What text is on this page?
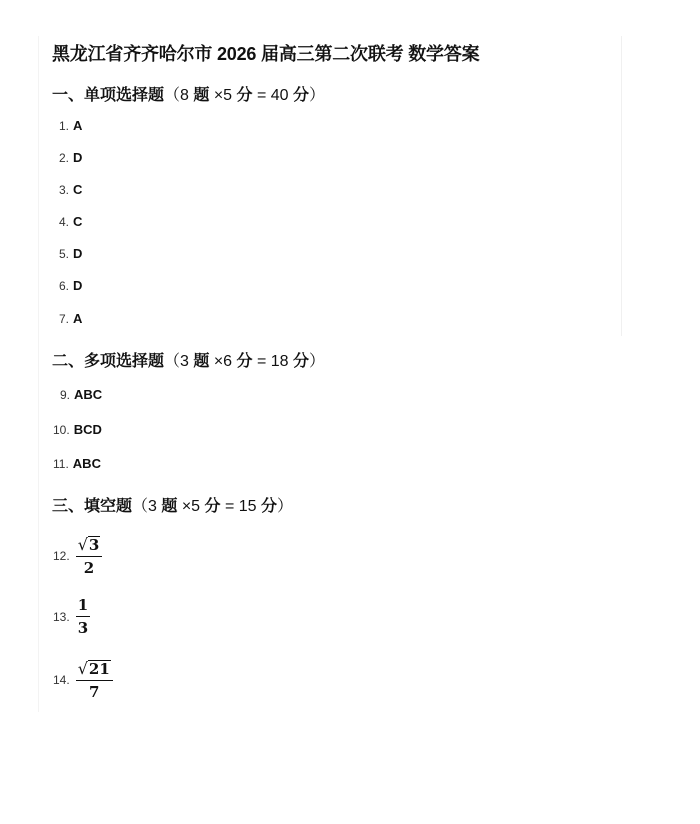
黑龙江省齐齐哈尔市 2026 届高三第二次联考 数学答案
一、单项选择题（8 题 ×5 分 = 40 分）
1. A
2. D
3. C
4. C
5. D
6. D
7. A
二、多项选择题（3 题 ×6 分 = 18 分）
9. ABC
10. BCD
11. ABC
三、填空题（3 题 ×5 分 = 15 分）
12. $\frac{√ 3}{2}$
13. $\frac{1}{3}$
14. $\frac{√ 21}{7}$
